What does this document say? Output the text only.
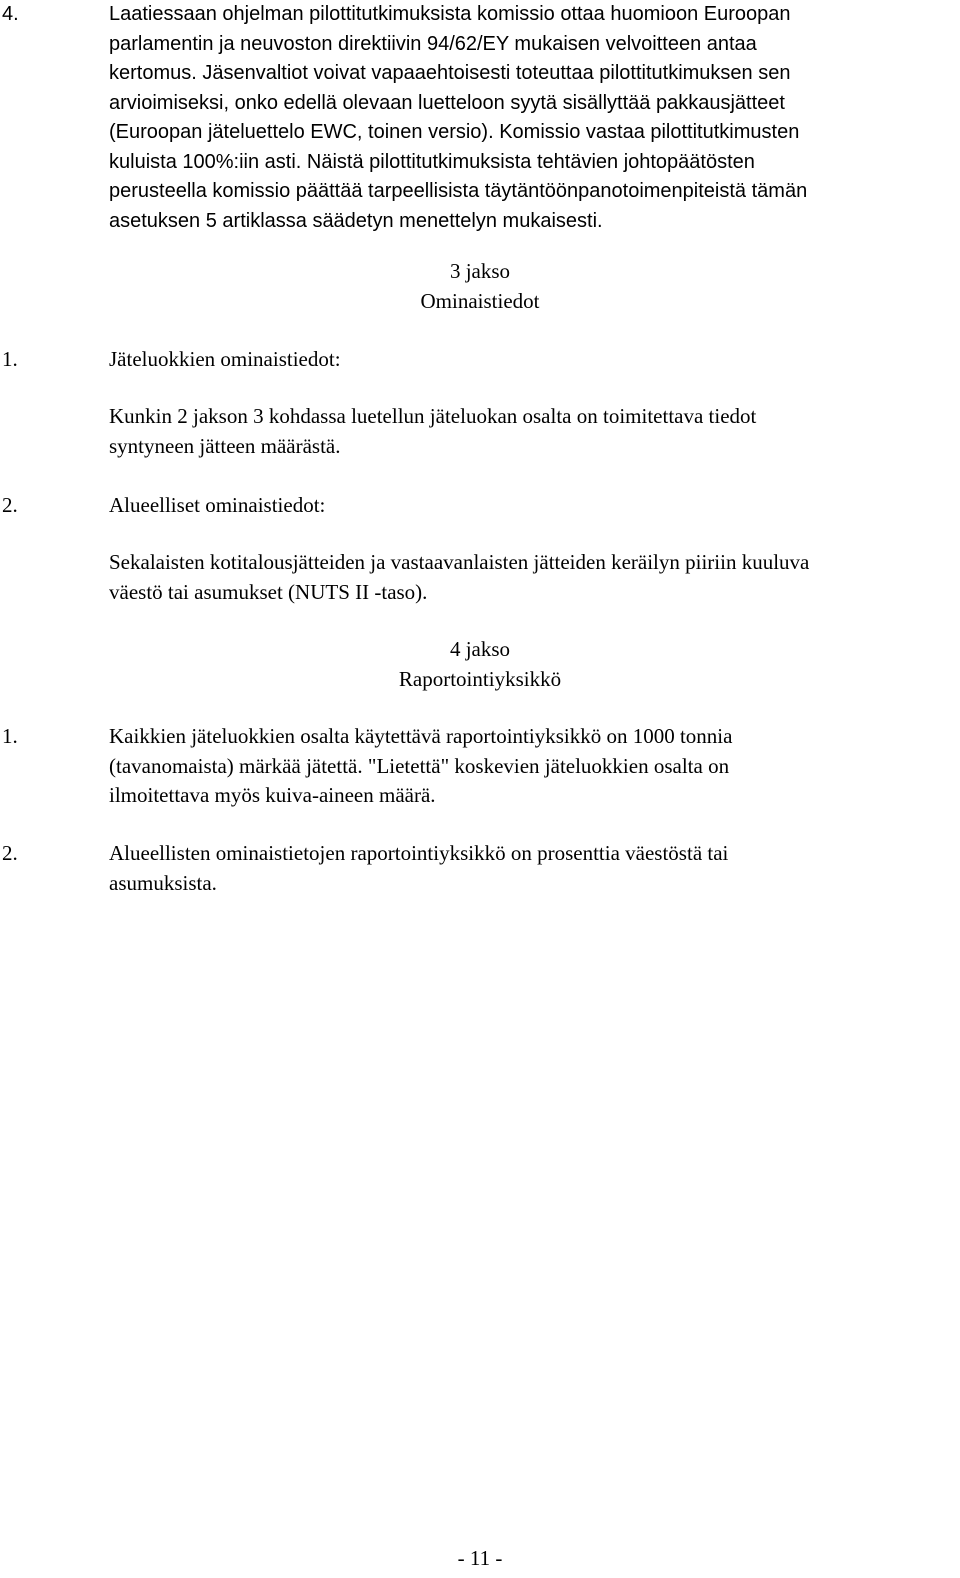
4.	Laatiessaan ohjelman pilottitutkimuksista komissio ottaa huomioon Euroopan
parlamentin ja neuvoston direktiivin 94/62/EY mukaisen velvoitteen antaa
kertomus. Jäsenvaltiot voivat vapaaehtoisesti toteuttaa pilottitutkimuksen sen
arvioimiseksi, onko edellä olevaan luetteloon syytä sisällyttää pakkausjätteet
(Euroopan jäteluettelo EWC, toinen versio). Komissio vastaa pilottitutkimusten
kuluista 100%:iin asti. Näistä pilottitutkimuksista tehtävien johtopäätösten
perusteella komissio päättää tarpeellisista täytäntöönpanotoimenpiteistä tämän
asetuksen 5 artiklassa säädetyn menettelyn mukaisesti.
3 jakso
Ominaistiedot
1.	Jäteluokkien ominaistiedot:
Kunkin 2 jakson 3 kohdassa luetellun jäteluokan osalta on toimitettava tiedot
syntyneen jätteen määrästä.
2.	Alueelliset ominaistiedot:
Sekalaisten kotitalousjätteiden ja vastaavanlaisten jätteiden keräilyn piiriin kuuluva
väestö tai asumukset (NUTS II -taso).
4 jakso
Raportointiyksikkö
1.	Kaikkien jäteluokkien osalta käytettävä raportointiyksikkö on 1000 tonnia
(tavanomaista) märkää jätettä. "Lietettä" koskevien jäteluokkien osalta on
ilmoitettava myös kuiva-aineen määrä.
2.	Alueellisten ominaistietojen raportointiyksikkö on prosenttia väestöstä tai
asumuksista.
- 11 -
